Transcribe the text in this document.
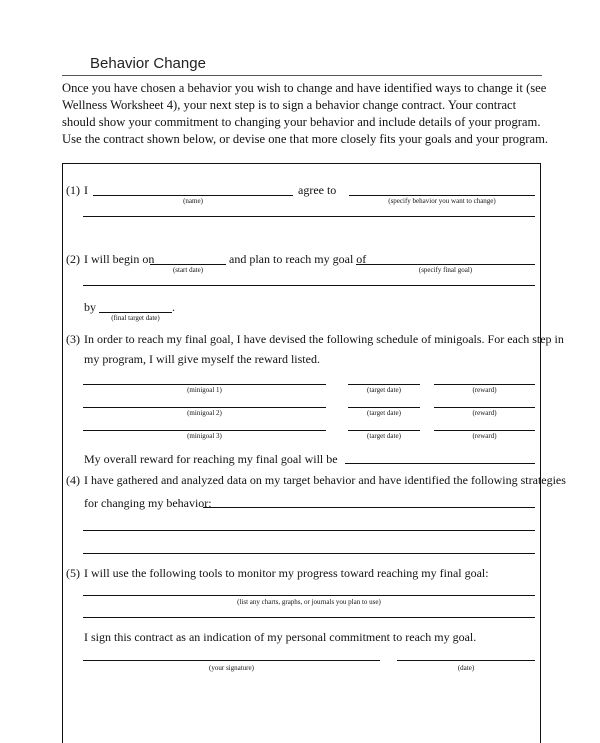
Behavior Change

Once you have chosen a behavior you wish to change and have identified ways to change it (see Wellness Worksheet 4), your next step is to sign a behavior change contract. Your contract should show your commitment to changing your behavior and include details of your program. Use the contract shown below, or devise one that more closely fits your goals and your program.

(1) I	agree to
(name)	(specify behavior you want to change)
(2) I will begin on	and plan to reach my goal of
(start date)	(specify final goal)
by	.
(final target date)
(3) In order to reach my final goal, I have devised the following schedule of minigoals. For each step in
my program, I will give myself the reward listed.
(minigoal 1)	(target date)	(reward)
(minigoal 2)	(target date)	(reward)
(minigoal 3)	(target date)	(reward)
My overall reward for reaching my final goal will be
(4) I have gathered and analyzed data on my target behavior and have identified the following strategies
for changing my behavior:
(5) I will use the following tools to monitor my progress toward reaching my final goal:
(list any charts, graphs, or journals you plan to use)
I sign this contract as an indication of my personal commitment to reach my goal.
(your signature)	(date)
